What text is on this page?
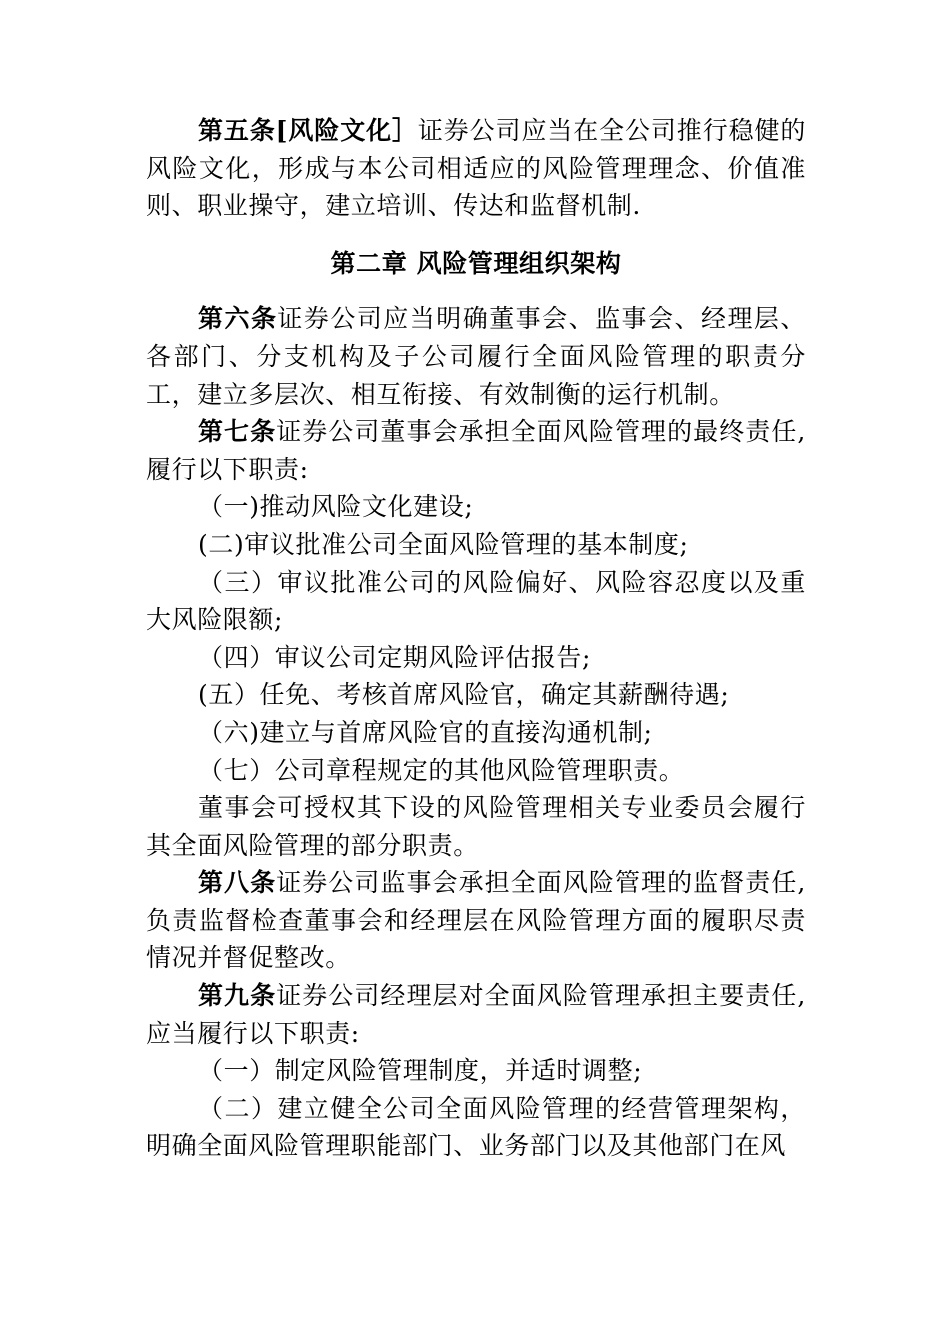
第五条[风险文化］证券公司应当在全公司推行稳健的风险文化，形成与本公司相适应的风险管理理念、价值准则、职业操守，建立培训、传达和监督机制.

第二章 风险管理组织架构

第六条证券公司应当明确董事会、监事会、经理层、各部门、分支机构及子公司履行全面风险管理的职责分工，建立多层次、相互衔接、有效制衡的运行机制。

第七条证券公司董事会承担全面风险管理的最终责任,履行以下职责:

（一)推动风险文化建设;

(二)审议批准公司全面风险管理的基本制度;

（三）审议批准公司的风险偏好、风险容忍度以及重大风险限额;

（四）审议公司定期风险评估报告;

(五）任免、考核首席风险官，确定其薪酬待遇;

（六)建立与首席风险官的直接沟通机制;

（七）公司章程规定的其他风险管理职责。

董事会可授权其下设的风险管理相关专业委员会履行其全面风险管理的部分职责。

第八条证券公司监事会承担全面风险管理的监督责任,负责监督检查董事会和经理层在风险管理方面的履职尽责情况并督促整改。

第九条证券公司经理层对全面风险管理承担主要责任,应当履行以下职责:

（一）制定风险管理制度，并适时调整;

（二）建立健全公司全面风险管理的经营管理架构，明确全面风险管理职能部门、业务部门以及其他部门在风
